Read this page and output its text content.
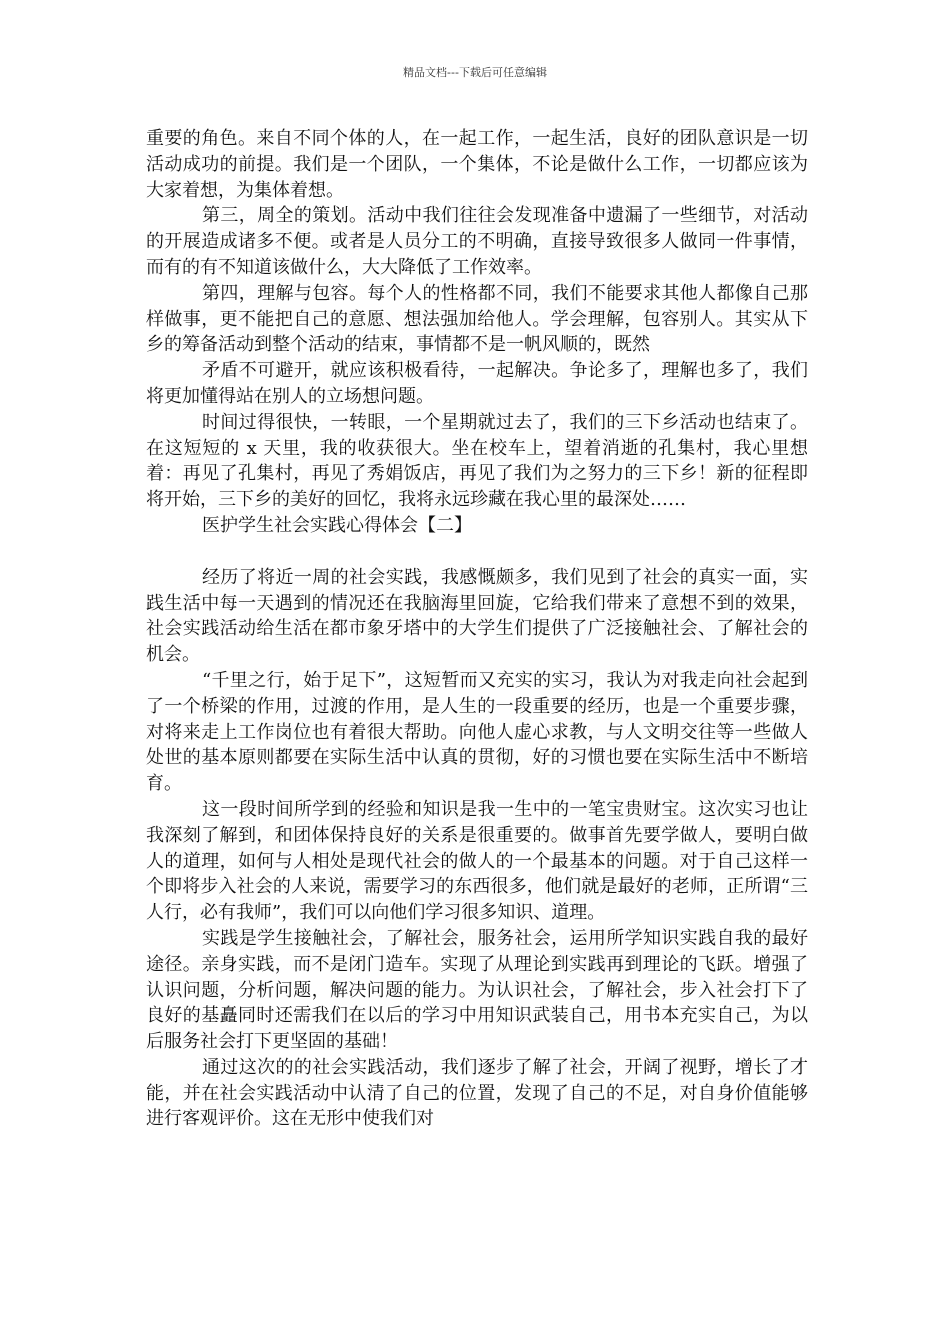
精品文档---下载后可任意编辑

重要的角色。来自不同个体的人，在一起工作，一起生活，良好的团队意识是一切活动成功的前提。我们是一个团队，一个集体，不论是做什么工作，一切都应该为大家着想，为集体着想。

第三，周全的策划。活动中我们往往会发现准备中遗漏了一些细节，对活动的开展造成诸多不便。或者是人员分工的不明确，直接导致很多人做同一件事情，而有的有不知道该做什么，大大降低了工作效率。

第四，理解与包容。每个人的性格都不同，我们不能要求其他人都像自己那样做事，更不能把自己的意愿、想法强加给他人。学会理解，包容别人。其实从下乡的筹备活动到整个活动的结束，事情都不是一帆风顺的，既然

矛盾不可避开，就应该积极看待，一起解决。争论多了，理解也多了，我们将更加懂得站在别人的立场想问题。

时间过得很快，一转眼，一个星期就过去了，我们的三下乡活动也结束了。在这短短的 x 天里，我的收获很大。坐在校车上，望着消逝的孔集村，我心里想着：再见了孔集村，再见了秀娟饭店，再见了我们为之努力的三下乡！新的征程即将开始，三下乡的美好的回忆，我将永远珍藏在我心里的最深处……

医护学生社会实践心得体会【二】

经历了将近一周的社会实践，我感慨颇多，我们见到了社会的真实一面，实践生活中每一天遇到的情况还在我脑海里回旋，它给我们带来了意想不到的效果，社会实践活动给生活在都市象牙塔中的大学生们提供了广泛接触社会、了解社会的机会。

“千里之行，始于足下”，这短暂而又充实的实习，我认为对我走向社会起到了一个桥梁的作用，过渡的作用，是人生的一段重要的经历，也是一个重要步骤，对将来走上工作岗位也有着很大帮助。向他人虚心求教，与人文明交往等一些做人处世的基本原则都要在实际生活中认真的贯彻，好的习惯也要在实际生活中不断培育。

这一段时间所学到的经验和知识是我一生中的一笔宝贵财宝。这次实习也让我深刻了解到，和团体保持良好的关系是很重要的。做事首先要学做人，要明白做人的道理，如何与人相处是现代社会的做人的一个最基本的问题。对于自己这样一个即将步入社会的人来说，需要学习的东西很多，他们就是最好的老师，正所谓“三人行，必有我师”，我们可以向他们学习很多知识、道理。

实践是学生接触社会，了解社会，服务社会，运用所学知识实践自我的最好途径。亲身实践，而不是闭门造车。实现了从理论到实践再到理论的飞跃。增强了认识问题，分析问题，解决问题的能力。为认识社会，了解社会，步入社会打下了良好的基矗同时还需我们在以后的学习中用知识武装自己，用书本充实自己，为以后服务社会打下更坚固的基础！

通过这次的的社会实践活动，我们逐步了解了社会，开阔了视野，增长了才能，并在社会实践活动中认清了自己的位置，发现了自己的不足，对自身价值能够进行客观评价。这在无形中使我们对
